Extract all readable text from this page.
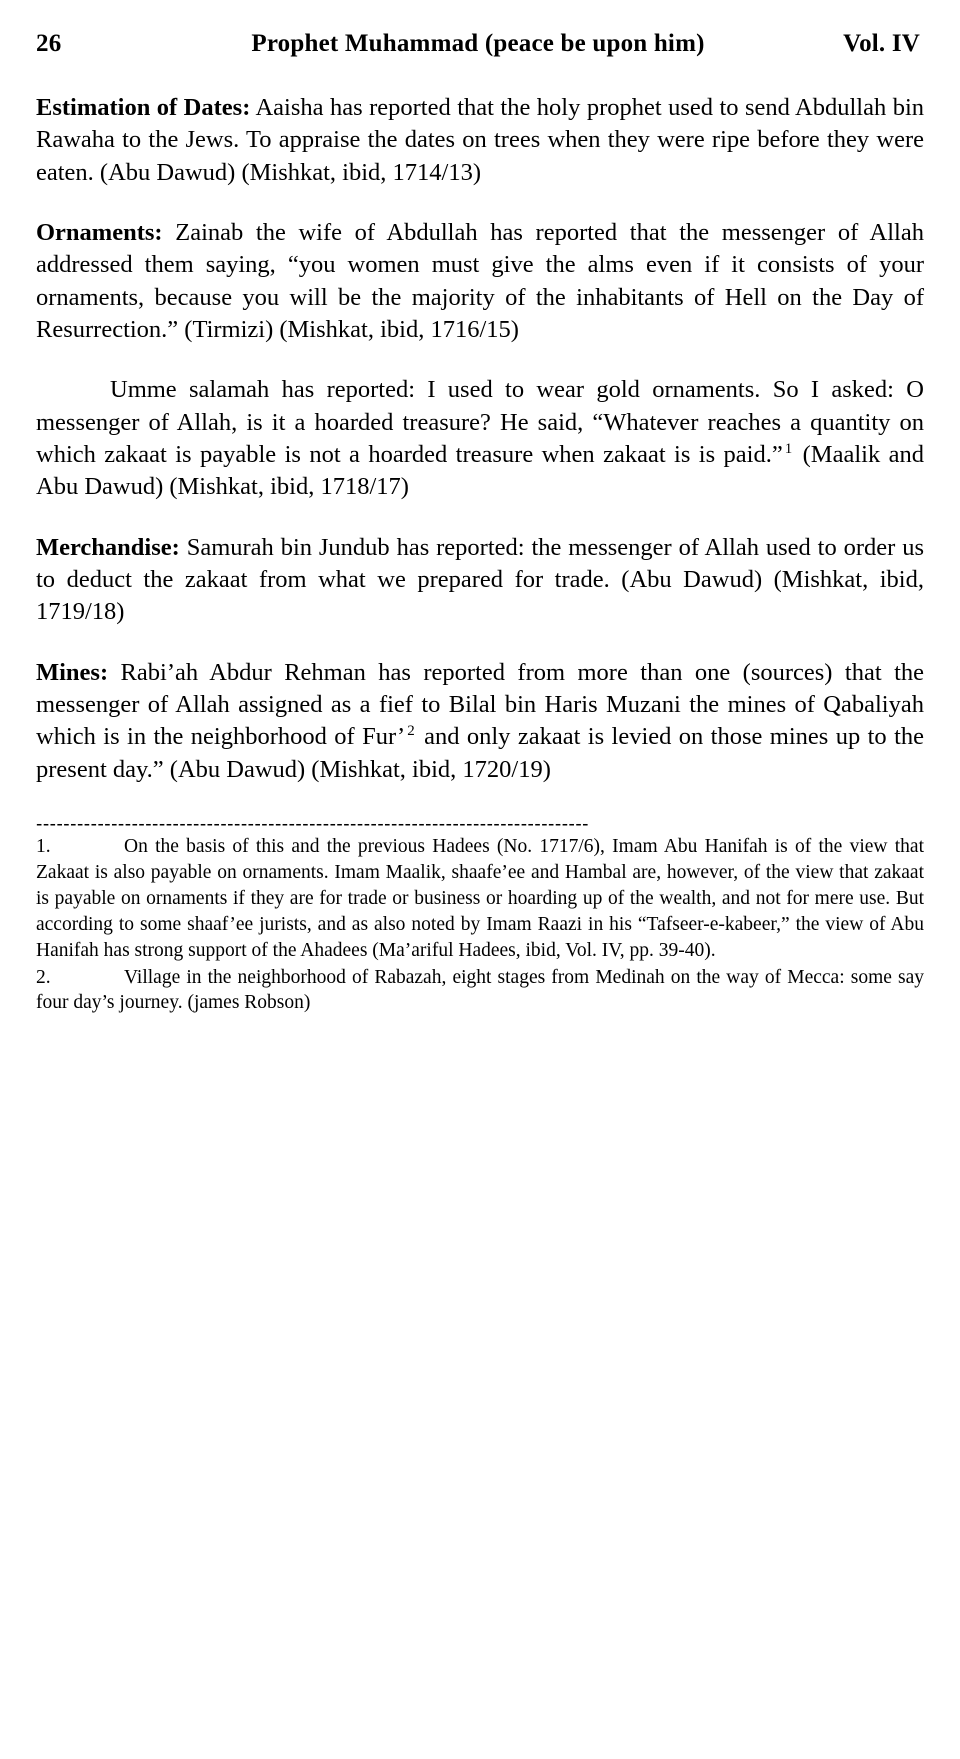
26	Prophet Muhammad (peace be upon him)	Vol. IV

Estimation of Dates: Aaisha has reported that the holy prophet used to send Abdullah bin Rawaha to the Jews. To appraise the dates on trees when they were ripe before they were eaten. (Abu Dawud) (Mishkat, ibid, 1714/13)

Ornaments: Zainab the wife of Abdullah has reported that the messenger of Allah addressed them saying, “you women must give the alms even if it consists of your ornaments, because you will be the majority of the inhabitants of Hell on the Day of Resurrection.” (Tirmizi) (Mishkat, ibid, 1716/15)

Umme salamah has reported: I used to wear gold ornaments. So I asked: O messenger of Allah, is it a hoarded treasure? He said, “Whatever reaches a quantity on which zakaat is payable is not a hoarded treasure when zakaat is is paid.” $^1$ (Maalik and Abu Dawud) (Mishkat, ibid, 1718/17)

Merchandise: Samurah bin Jundub has reported: the messenger of Allah used to order us to deduct the zakaat from what we prepared for trade. (Abu Dawud) (Mishkat, ibid, 1719/18)

Mines: Rabi’ah Abdur Rehman has reported from more than one (sources) that the messenger of Allah assigned as a fief to Bilal bin Haris Muzani the mines of Qabaliyah which is in the neighborhood of Fur’ $^2$ and only zakaat is levied on those mines up to the present day.” (Abu Dawud) (Mishkat, ibid, 1720/19)

---------------------------------------------------------------------------------

1.	On the basis of this and the previous Hadees (No. 1717/6), Imam Abu Hanifah is of the view that Zakaat is also payable on ornaments. Imam Maalik, shaafe’ee and Hambal are, however, of the view that zakaat is payable on ornaments if they are for trade or business or hoarding up of the wealth, and not for mere use. But according to some shaaf’ee jurists, and as also noted by Imam Raazi in his “Tafseer-e-kabeer,” the view of Abu Hanifah has strong support of the Ahadees (Ma’ariful Hadees, ibid, Vol. IV, pp. 39-40).

2.	Village in the neighborhood of Rabazah, eight stages from Medinah on the way of Mecca: some say four day’s journey. (james Robson)
